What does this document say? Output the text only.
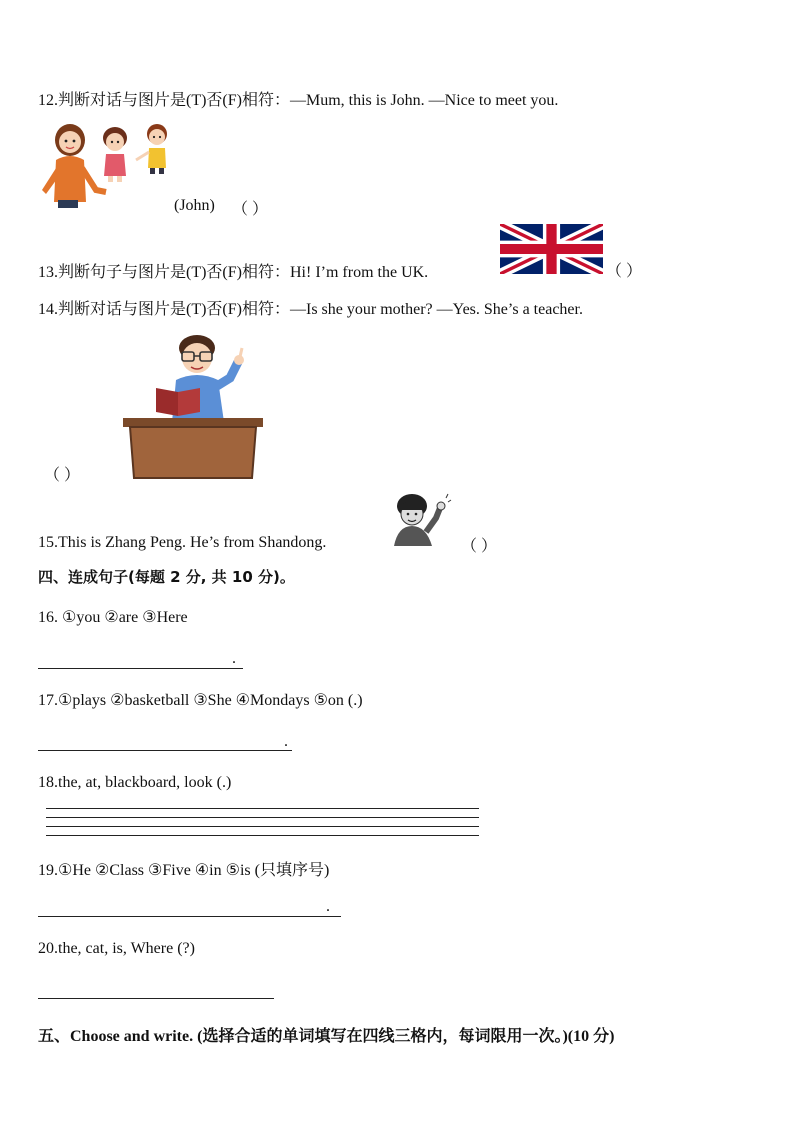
12.判断对话与图片是(T)否(F)相符：—Mum, this is John. —Nice to meet you.
(John) （ ）
13.判断句子与图片是(T)否(F)相符：Hi! I’m from the UK.	（ ）
14.判断对话与图片是(T)否(F)相符：—Is she your mother? —Yes. She’s a teacher.
（ ）
15.This is Zhang Peng. He’s from Shandong.	（ ）
四、连成句子(每题 2 分, 共 10 分)。
16. ①you ②are ③Here
.
17.①plays ②basketball ③She ④Mondays ⑤on (.)
.
18.the, at, blackboard, look (.)
19.①He ②Class ③Five ④in ⑤is (只填序号)
.
20.the, cat, is, Where (?)
五、Choose and write. (选择合适的单词填写在四线三格内，每词限用一次。)(10 分)
